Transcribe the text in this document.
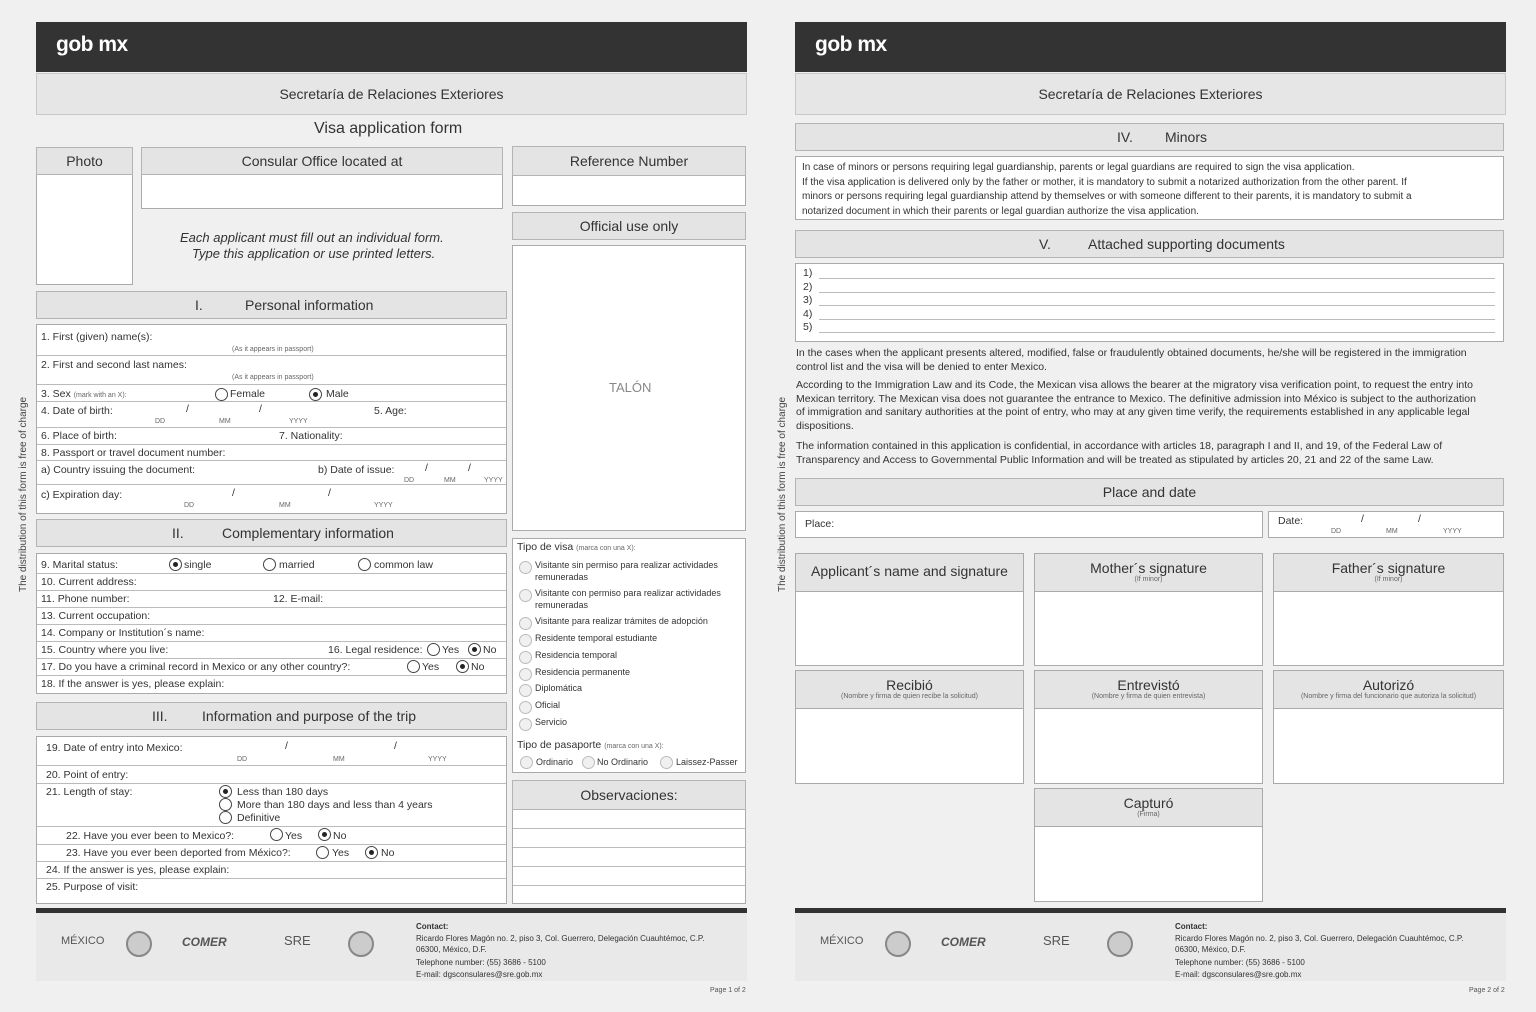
The distribution of this form is free of charge	The distribution of this form is free of charge
gob mx
Secretaría de Relaciones Exteriores
Visa application form
Photo	Consular Office located at
Each applicant must fill out an individual form.
Type this application or use printed letters.
Reference Number
Official use only
TALÓN
I.	Personal information
1. First (given) name(s):
(As it appears in passport)
2. First and second last names:
(As it appears in passport)
3. Sex (mark with an X):	Female	Male
4. Date of birth:	/	/
DD	MM	YYYY
5. Age:
6. Place of birth:	7. Nationality:
8. Passport or travel document number:
a) Country issuing the document:	b) Date of issue:	/	/
DD	MM	YYYY
c) Expiration day:	/	/
DD	MM	YYYY
II.	Complementary information
9. Marital status:	single	married	common law
10. Current address:
11. Phone number:	12. E-mail:
13. Current occupation:
14. Company or Institution´s name:
15. Country where you live:	16. Legal residence: Yes No
17. Do you have a criminal record in Mexico or any other country?:	Yes	No
18. If the answer is yes, please explain:
III. Information and purpose of the trip
19. Date of entry into Mexico:	/	/
DD	MM	YYYY
20. Point of entry:
21. Length of stay:	Less than 180 days
More than 180 days and less than 4 years
Definitive
22. Have you ever been to Mexico?:	Yes	No
23. Have you ever been deported from México?:	Yes	No
24. If the answer is yes, please explain:
25. Purpose of visit:
Tipo de visa (marca con una X):
Visitante sin permiso para realizar actividades
remuneradas
Visitante con permiso para realizar actividades
remuneradas
Visitante para realizar trámites de adopción
Residente temporal estudiante
Residencia temporal
Residencia permanente
Diplomática
Oficial
Servicio
Tipo de pasaporte (marca con una X):
Ordinario	No Ordinario	Laissez-Passer
Observaciones:
MÉXICO	COMER	SRE
Contact:
Ricardo Flores Magón no. 2, piso 3, Col. Guerrero, Delegación Cuauhtémoc, C.P.
06300, México, D.F.
Telephone number: (55) 3686 - 5100
E-mail: dgsconsulares@sre.gob.mx
Page 1 of 2
gob mx
Secretaría de Relaciones Exteriores
IV. Minors
In case of minors or persons requiring legal guardianship, parents or legal guardians are required to sign the visa application.
If the visa application is delivered only by the father or mother, it is mandatory to submit a notarized authorization from the other parent. If
minors or persons requiring legal guardianship attend by themselves or with someone different to their parents, it is mandatory to submit a
notarized document in which their parents or legal guardian authorize the visa application.
V.	Attached supporting documents
1)
2)
3)
4)
5)
In the cases when the applicant presents altered, modified, false or fraudulently obtained documents, he/she will be registered in the immigration
control list and the visa will be denied to enter Mexico.
According to the Immigration Law and its Code, the Mexican visa allows the bearer at the migratory visa verification point, to request the entry into
Mexican territory. The Mexican visa does not guarantee the entrance to Mexico. The definitive admission into México is subject to the authorization
of immigration and sanitary authorities at the point of entry, who may at any given time verify, the requirements established in any applicable legal
dispositions.
The information contained in this application is confidential, in accordance with articles 18, paragraph I and II, and 19, of the Federal Law of
Transparency and Access to Governmental Public Information and will be treated as stipulated by articles 20, 21 and 22 of the same Law.
Place and date
Place:	Date:	/	/
DD	MM	YYYY
Applicant´s name and signature	Mother´s signature
(If minor)
Father´s signature
(If minor)
Recibió
(Nombre y firma de quien recibe la solicitud)
Entrevistó
(Nombre y firma de quien entrevista)
Autorizó
(Nombre y firma del funcionario que autoriza la solicitud)
Capturó
(Firma)
MÉXICO	COMER	SRE
Contact:
Ricardo Flores Magón no. 2, piso 3, Col. Guerrero, Delegación Cuauhtémoc, C.P.
06300, México, D.F.
Telephone number: (55) 3686 - 5100
E-mail: dgsconsulares@sre.gob.mx
Page 2 of 2
